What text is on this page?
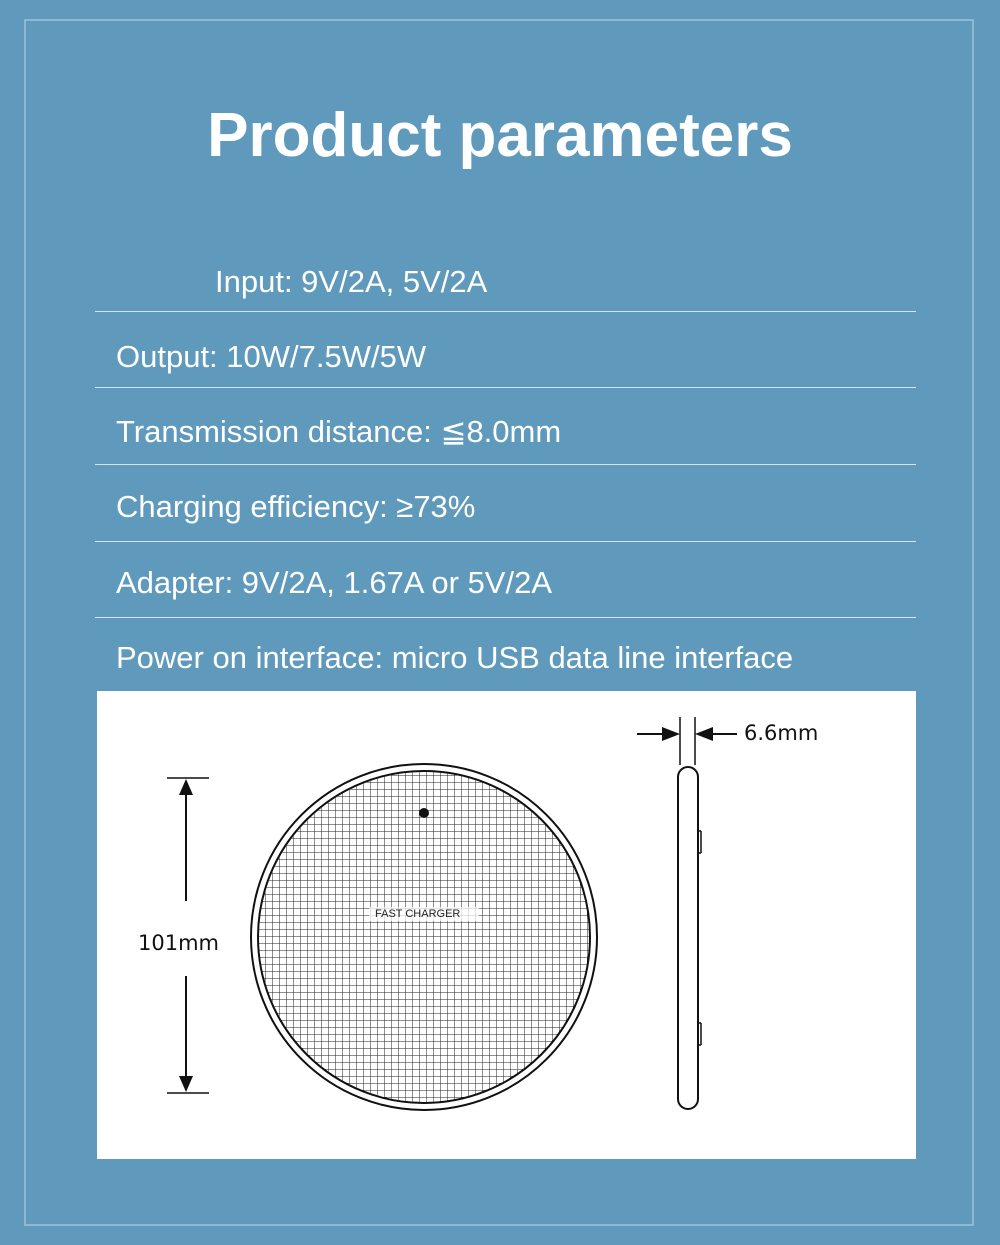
Product parameters
Input: 9V/2A, 5V/2A
Output: 10W/7.5W/5W
Transmission distance: ≦8.0mm
Charging efficiency: ≥73%
Adapter: 9V/2A, 1.67A or 5V/2A
Power on interface: micro USB data line interface
101mm
6.6mm
FAST CHARGER
